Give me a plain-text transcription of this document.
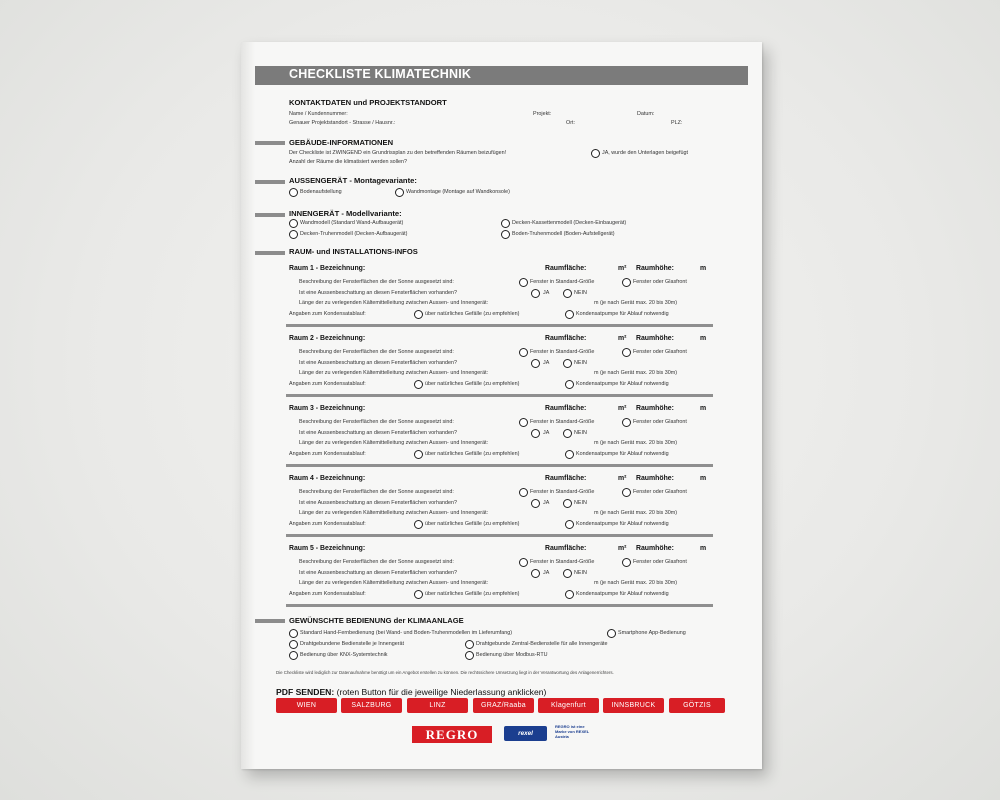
CHECKLISTE KLIMATECHNIK
KONTAKTDATEN und PROJEKTSTANDORT
Name / Kundennummer:	Projekt:	Datum:
Genauer Projektstandort - Strasse / Hausnr.:	Ort:	PLZ:
GEBÄUDE-INFORMATIONEN
Der Checkliste ist ZWINGEND ein Grundrissplan zu den betreffenden Räumen beizufügen!	JA, wurde den Unterlagen beigefügt
Anzahl der Räume die klimatisiert werden sollen?
AUSSENGERÄT - Montagevariante:
Bodenaufstellung	Wandmontage (Montage auf Wandkonsole)
INNENGERÄT - Modellvariante:
Wandmodell (Standard Wand-Aufbaugerät)	Decken-Kassettenmodell (Decken-Einbaugerät)
Decken-Truhenmodell (Decken-Aufbaugerät)	Boden-Truhenmodell (Boden-Aufstellgerät)
RAUM- und INSTALLATIONS-INFOS
Raum 1 - Bezeichnung:	Raumfläche:	m² Raumhöhe:	m
Beschreibung der Fensterflächen die der Sonne ausgesetzt sind:	Fenster in Standard-Größe	Fenster oder Glasfront
Ist eine Aussenbeschattung an diesen Fensterflächen vorhanden?	JA	NEIN
Länge der zu verlegenden Kältemittelleitung zwischen Aussen- und Innengerät:	m (je nach Gerät max. 20 bis 30m)
Angaben zum Kondensatablauf:	über natürliches Gefälle (zu empfehlen)	Kondensatpumpe für Ablauf notwendig
Raum 2 - Bezeichnung:	Raumfläche:	m² Raumhöhe:	m
Beschreibung der Fensterflächen die der Sonne ausgesetzt sind:	Fenster in Standard-Größe	Fenster oder Glasfront
Ist eine Aussenbeschattung an diesen Fensterflächen vorhanden?	JA	NEIN
Länge der zu verlegenden Kältemittelleitung zwischen Aussen- und Innengerät:	m (je nach Gerät max. 20 bis 30m)
Angaben zum Kondensatablauf:	über natürliches Gefälle (zu empfehlen)	Kondensatpumpe für Ablauf notwendig
Raum 3 - Bezeichnung:	Raumfläche:	m² Raumhöhe:	m
Beschreibung der Fensterflächen die der Sonne ausgesetzt sind:	Fenster in Standard-Größe	Fenster oder Glasfront
Ist eine Aussenbeschattung an diesen Fensterflächen vorhanden?	JA	NEIN
Länge der zu verlegenden Kältemittelleitung zwischen Aussen- und Innengerät:	m (je nach Gerät max. 20 bis 30m)
Angaben zum Kondensatablauf:	über natürliches Gefälle (zu empfehlen)	Kondensatpumpe für Ablauf notwendig
Raum 4 - Bezeichnung:	Raumfläche:	m² Raumhöhe:	m
Beschreibung der Fensterflächen die der Sonne ausgesetzt sind:	Fenster in Standard-Größe	Fenster oder Glasfront
Ist eine Aussenbeschattung an diesen Fensterflächen vorhanden?	JA	NEIN
Länge der zu verlegenden Kältemittelleitung zwischen Aussen- und Innengerät:	m (je nach Gerät max. 20 bis 30m)
Angaben zum Kondensatablauf:	über natürliches Gefälle (zu empfehlen)	Kondensatpumpe für Ablauf notwendig
Raum 5 - Bezeichnung:	Raumfläche:	m² Raumhöhe:	m
Beschreibung der Fensterflächen die der Sonne ausgesetzt sind:	Fenster in Standard-Größe	Fenster oder Glasfront
Ist eine Aussenbeschattung an diesen Fensterflächen vorhanden?	JA	NEIN
Länge der zu verlegenden Kältemittelleitung zwischen Aussen- und Innengerät:	m (je nach Gerät max. 20 bis 30m)
Angaben zum Kondensatablauf:	über natürliches Gefälle (zu empfehlen)	Kondensatpumpe für Ablauf notwendig
GEWÜNSCHTE BEDIENUNG der KLIMAANLAGE
Standard Hand-Fernbedienung (bei Wand- und Boden-Truhenmodellen im Lieferumfang)	Smartphone App-Bedienung
Drahtgebundene Bedienstelle je Innengerät	Drahtgebunde Zentral-Bedienstelle für alle Innengeräte
Bedienung über KNX-Systemtechnik	Bedienung über Modbus-RTU
Die Checkliste wird lediglich zur Datenaufnahme benötigt um ein Angebot erstellen zu können. Die rechtssichere Umsetzung liegt in der Verantwortung des Anlagenerrichters.
PDF SENDEN: (roten Button für die jeweilige Niederlassung anklicken)
WIEN	SALZBURG	LINZ	GRAZ/Raaba	Klagenfurt	INNSBRUCK	GÖTZIS
REGRO	rexel
REGRO ist eine Marke von REXEL Austria
